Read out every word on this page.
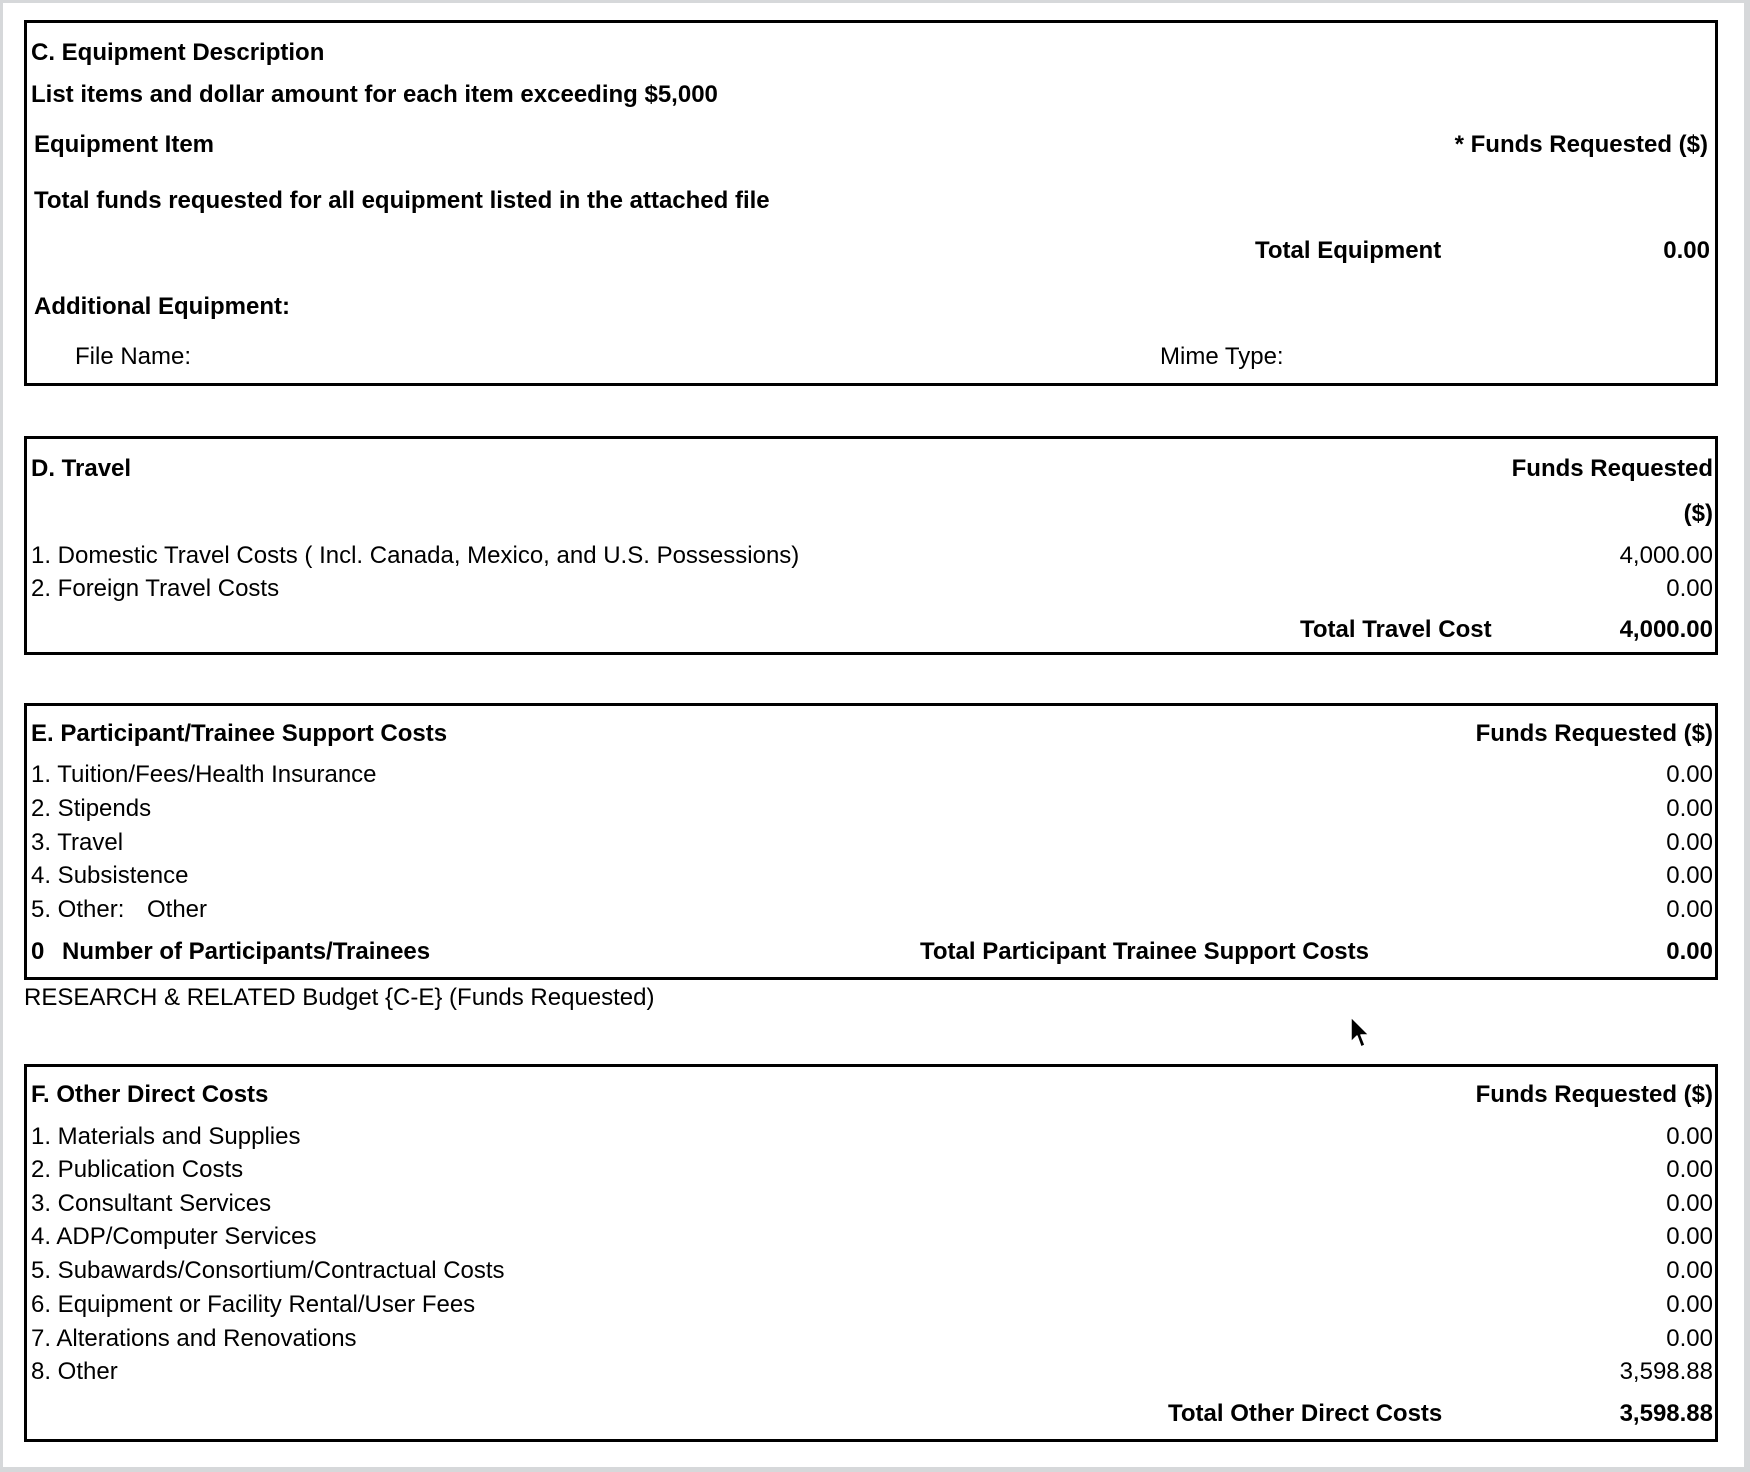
C. Equipment Description
List items and dollar amount for each item exceeding $5,000
Equipment Item	* Funds Requested ($)
Total funds requested for all equipment listed in the attached file
Total Equipment	0.00
Additional Equipment:
File Name:	Mime Type:
D. Travel	Funds Requested
($)
1. Domestic Travel Costs ( Incl. Canada, Mexico, and U.S. Possessions)	4,000.00
2. Foreign Travel Costs	0.00
Total Travel Cost	4,000.00
E. Participant/Trainee Support Costs	Funds Requested ($)
1. Tuition/Fees/Health Insurance	0.00
2. Stipends	0.00
3. Travel	0.00
4. Subsistence	0.00
5. Other: Other	0.00
0 Number of Participants/Trainees	Total Participant Trainee Support Costs	0.00
RESEARCH & RELATED Budget {C-E} (Funds Requested)
F. Other Direct Costs	Funds Requested ($)
1. Materials and Supplies	0.00
2. Publication Costs	0.00
3. Consultant Services	0.00
4. ADP/Computer Services	0.00
5. Subawards/Consortium/Contractual Costs	0.00
6. Equipment or Facility Rental/User Fees	0.00
7. Alterations and Renovations	0.00
8. Other	3,598.88
Total Other Direct Costs	3,598.88
